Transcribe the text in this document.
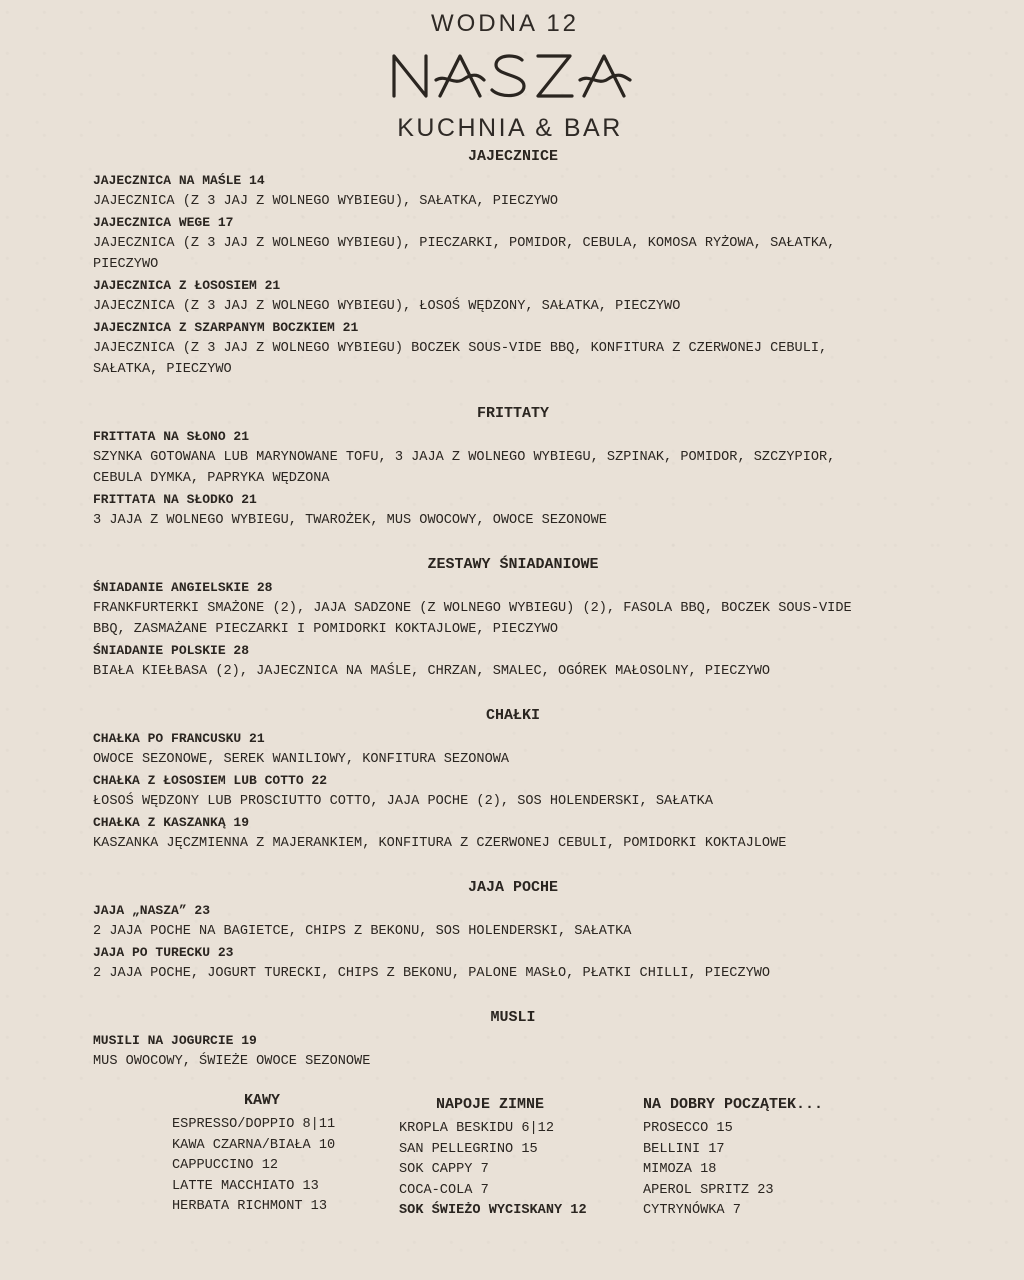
WODNA 12
NASZA
KUCHNIA & BAR
JAJECZNICE

JAJECZNICA NA MAŚLE 14

JAJECZNICA (Z 3 JAJ Z WOLNEGO WYBIEGU), SAŁATKA, PIECZYWO

JAJECZNICA WEGE 17

JAJECZNICA (Z 3 JAJ Z WOLNEGO WYBIEGU), PIECZARKI, POMIDOR, CEBULA, KOMOSA RYŻOWA, SAŁATKA,

PIECZYWO

JAJECZNICA Z ŁOSOSIEM 21

JAJECZNICA (Z 3 JAJ Z WOLNEGO WYBIEGU), ŁOSOŚ WĘDZONY, SAŁATKA, PIECZYWO

JAJECZNICA Z SZARPANYM BOCZKIEM 21

JAJECZNICA (Z 3 JAJ Z WOLNEGO WYBIEGU) BOCZEK SOUS-VIDE BBQ, KONFITURA Z CZERWONEJ CEBULI,

SAŁATKA, PIECZYWO

FRITTATY

FRITTATA NA SŁONO 21

SZYNKA GOTOWANA LUB MARYNOWANE TOFU, 3 JAJA Z WOLNEGO WYBIEGU, SZPINAK, POMIDOR, SZCZYPIOR,

CEBULA DYMKA, PAPRYKA WĘDZONA

FRITTATA NA SŁODKO 21

3 JAJA Z WOLNEGO WYBIEGU, TWAROŻEK, MUS OWOCOWY, OWOCE SEZONOWE

ZESTAWY ŚNIADANIOWE

ŚNIADANIE ANGIELSKIE 28

FRANKFURTERKI SMAŻONE (2), JAJA SADZONE (Z WOLNEGO WYBIEGU) (2), FASOLA BBQ, BOCZEK SOUS-VIDE

BBQ, ZASMAŻANE PIECZARKI I POMIDORKI KOKTAJLOWE, PIECZYWO

ŚNIADANIE POLSKIE 28

BIAŁA KIEŁBASA (2), JAJECZNICA NA MAŚLE, CHRZAN, SMALEC, OGÓREK MAŁOSOLNY, PIECZYWO

CHAŁKI

CHAŁKA PO FRANCUSKU 21

OWOCE SEZONOWE, SEREK WANILIOWY, KONFITURA SEZONOWA

CHAŁKA Z ŁOSOSIEM LUB COTTO 22

ŁOSOŚ WĘDZONY LUB PROSCIUTTO COTTO, JAJA POCHE (2), SOS HOLENDERSKI, SAŁATKA

CHAŁKA Z KASZANKĄ 19

KASZANKA JĘCZMIENNA Z MAJERANKIEM, KONFITURA Z CZERWONEJ CEBULI, POMIDORKI KOKTAJLOWE

JAJA POCHE

JAJA „NASZA” 23

2 JAJA POCHE NA BAGIETCE, CHIPS Z BEKONU, SOS HOLENDERSKI, SAŁATKA

JAJA PO TURECKU 23

2 JAJA POCHE, JOGURT TURECKI, CHIPS Z BEKONU, PALONE MASŁO, PŁATKI CHILLI, PIECZYWO

MUSLI

MUSILI NA JOGURCIE 19

MUS OWOCOWY, ŚWIEŻE OWOCE SEZONOWE

KAWY

ESPRESSO/DOPPIO 8|11

KAWA CZARNA/BIAŁA 10

CAPPUCCINO 12

LATTE MACCHIATO 13

HERBATA RICHMONT 13

NAPOJE ZIMNE

KROPLA BESKIDU 6|12

SAN PELLEGRINO 15

SOK CAPPY 7

COCA-COLA 7

SOK ŚWIEŻO WYCISKANY 12

NA DOBRY POCZĄTEK...

PROSECCO 15

BELLINI 17

MIMOZA 18

APEROL SPRITZ 23

CYTRYNÓWKA 7
